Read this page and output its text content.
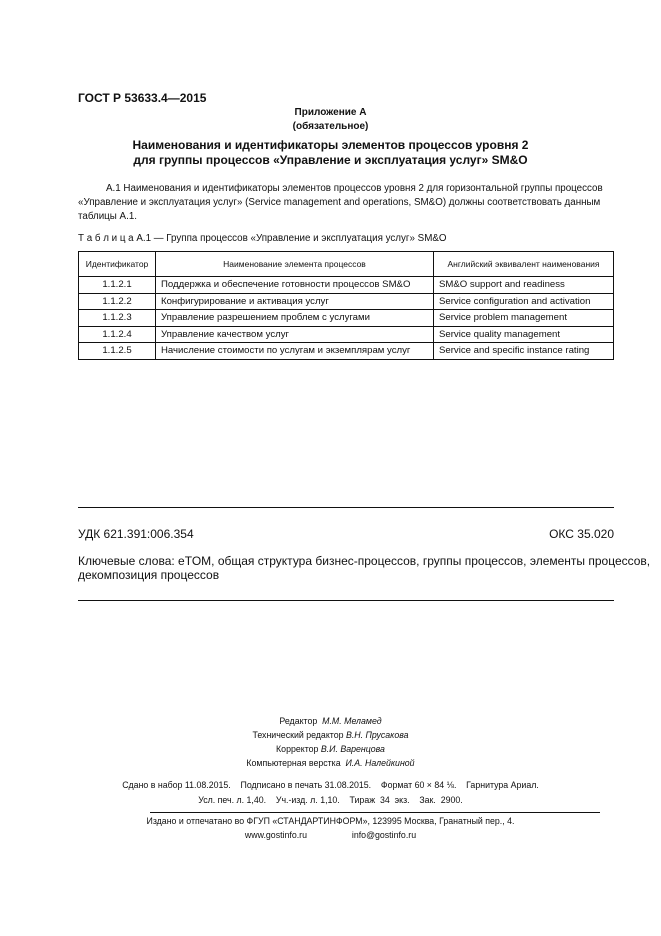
ГОСТ Р 53633.4—2015
Приложение А
(обязательное)
Наименования и идентификаторы элементов процессов уровня 2
для группы процессов «Управление и эксплуатация услуг» SM&O
А.1 Наименования и идентификаторы элементов процессов уровня 2 для горизонтальной группы процессов
«Управление и эксплуатация услуг» (Service management and operations, SM&O) должны соответствовать данным
таблицы А.1.
Т а б л и ц а А.1 — Группа процессов «Управление и эксплуатация услуг» SM&O
Идентификатор	Наименование элемента процессов	Английский эквивалент наименования
1.1.2.1	Поддержка и обеспечение готовности процессов SM&O	SM&O support and readiness
1.1.2.2	Конфигурирование и активация услуг	Service configuration and activation
1.1.2.3	Управление разрешением проблем с услугами	Service problem management
1.1.2.4	Управление качеством услуг	Service quality management
1.1.2.5	Начисление стоимости по услугам и экземплярам услуг	Service and specific instance rating
УДК 621.391:006.354	ОКС 35.020
Ключевые слова: eTOM, общая структура бизнес-процессов, группы процессов, элементы процессов,
декомпозиция процессов
Редактор М.М. Меламед
Технический редактор В.Н. Прусакова
Корректор В.И. Варенцова
Компьютерная верстка И.А. Налейкиной
Сдано в набор 11.08.2015.    Подписано в печать 31.08.2015.    Формат 60 × 84 ⅛.    Гарнитура Ариал.
Усл. печ. л. 1,40.    Уч.-изд. л. 1,10.    Тираж  34  экз.    Зак.  2900.
Издано и отпечатано во ФГУП «СТАНДАРТИНФОРМ», 123995 Москва, Гранатный пер., 4.
www.gostinfo.ru	info@gostinfo.ru
